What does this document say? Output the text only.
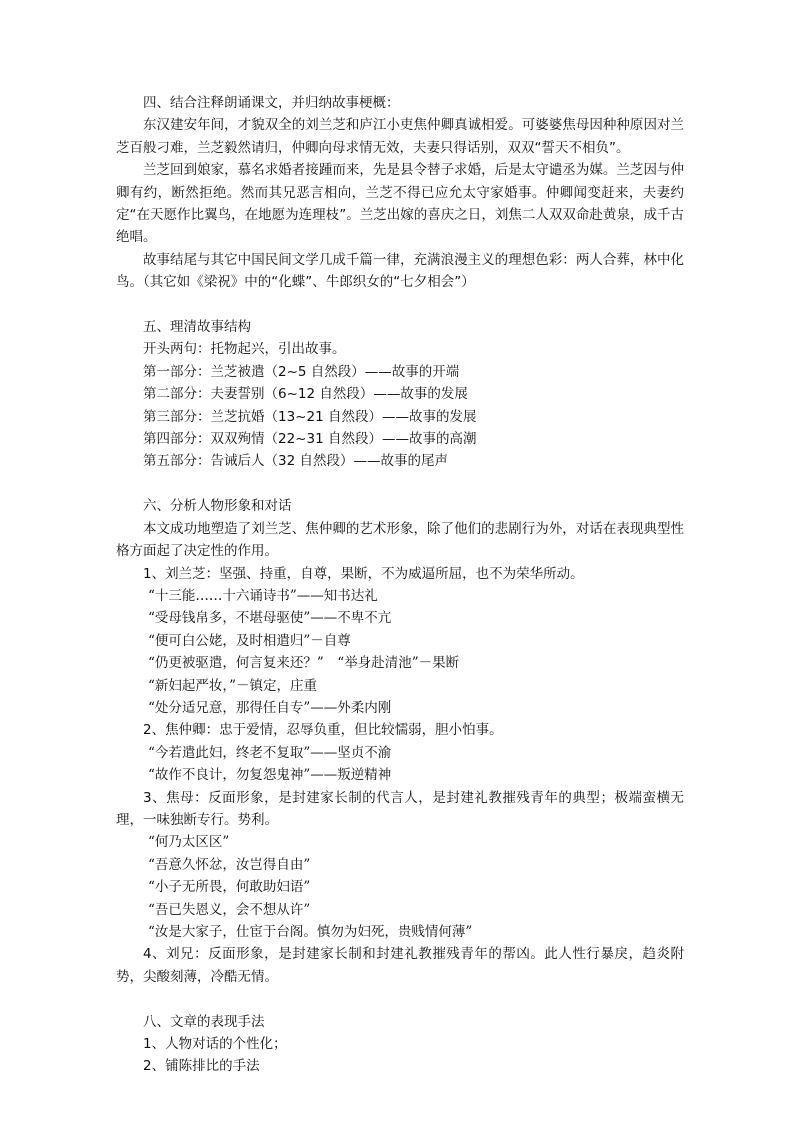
四、结合注释朗诵课文，并归纳故事梗概：
东汉建安年间，才貌双全的刘兰芝和庐江小吏焦仲卿真诚相爱。可婆婆焦母因种种原因对兰芝百般刁难，兰芝毅然请归，仲卿向母求情无效，夫妻只得话别，双双“誓天不相负”。
兰芝回到娘家，慕名求婚者接踵而来，先是县令替子求婚，后是太守谴丞为媒。兰芝因与仲卿有约，断然拒绝。然而其兄恶言相向，兰芝不得已应允太守家婚事。仲卿闻变赶来，夫妻约定“在天愿作比翼鸟，在地愿为连理枝”。兰芝出嫁的喜庆之日，刘焦二人双双命赴黄泉，成千古绝唱。
故事结尾与其它中国民间文学几成千篇一律，充满浪漫主义的理想色彩：两人合葬，林中化鸟。（其它如《梁祝》中的“化蝶”、牛郎织女的“七夕相会”）
五、理清故事结构
开头两句：托物起兴，引出故事。
第一部分：兰芝被遣（2~5 自然段）——故事的开端
第二部分：夫妻誓别（6~12 自然段）——故事的发展
第三部分：兰芝抗婚（13~21 自然段）——故事的发展
第四部分：双双殉情（22~31 自然段）——故事的高潮
第五部分：告诫后人（32 自然段）——故事的尾声
六、分析人物形象和对话
本文成功地塑造了刘兰芝、焦仲卿的艺术形象，除了他们的悲剧行为外，对话在表现典型性格方面起了决定性的作用。
1、刘兰芝：坚强、持重，自尊，果断，不为威逼所屈，也不为荣华所动。
“十三能……十六诵诗书”——知书达礼
“受母钱帛多，不堪母驱使”——不卑不亢
“便可白公姥，及时相遣归”－自尊
“仍更被驱遣，何言复来还？”　“举身赴清池”－果断
“新妇起严妆，”－镇定，庄重
“处分适兄意，那得任自专”——外柔内刚
2、焦仲卿：忠于爱情，忍辱负重，但比较懦弱，胆小怕事。
“今若遣此妇，终老不复取”——坚贞不渝
“故作不良计，勿复怨鬼神”——叛逆精神
3、焦母：反面形象，是封建家长制的代言人，是封建礼教摧残青年的典型；极端蛮横无理，一味独断专行。势利。
“何乃太区区”
“吾意久怀忿，汝岂得自由”
“小子无所畏，何敢助妇语”
“吾已失恩义，会不想从许”
“汝是大家子，仕宦于台阁。慎勿为妇死，贵贱情何薄”
4、刘兄：反面形象，是封建家长制和封建礼教摧残青年的帮凶。此人性行暴戾，趋炎附势，尖酸刻薄，冷酷无情。
八、文章的表现手法
1、人物对话的个性化；
2、铺陈排比的手法
